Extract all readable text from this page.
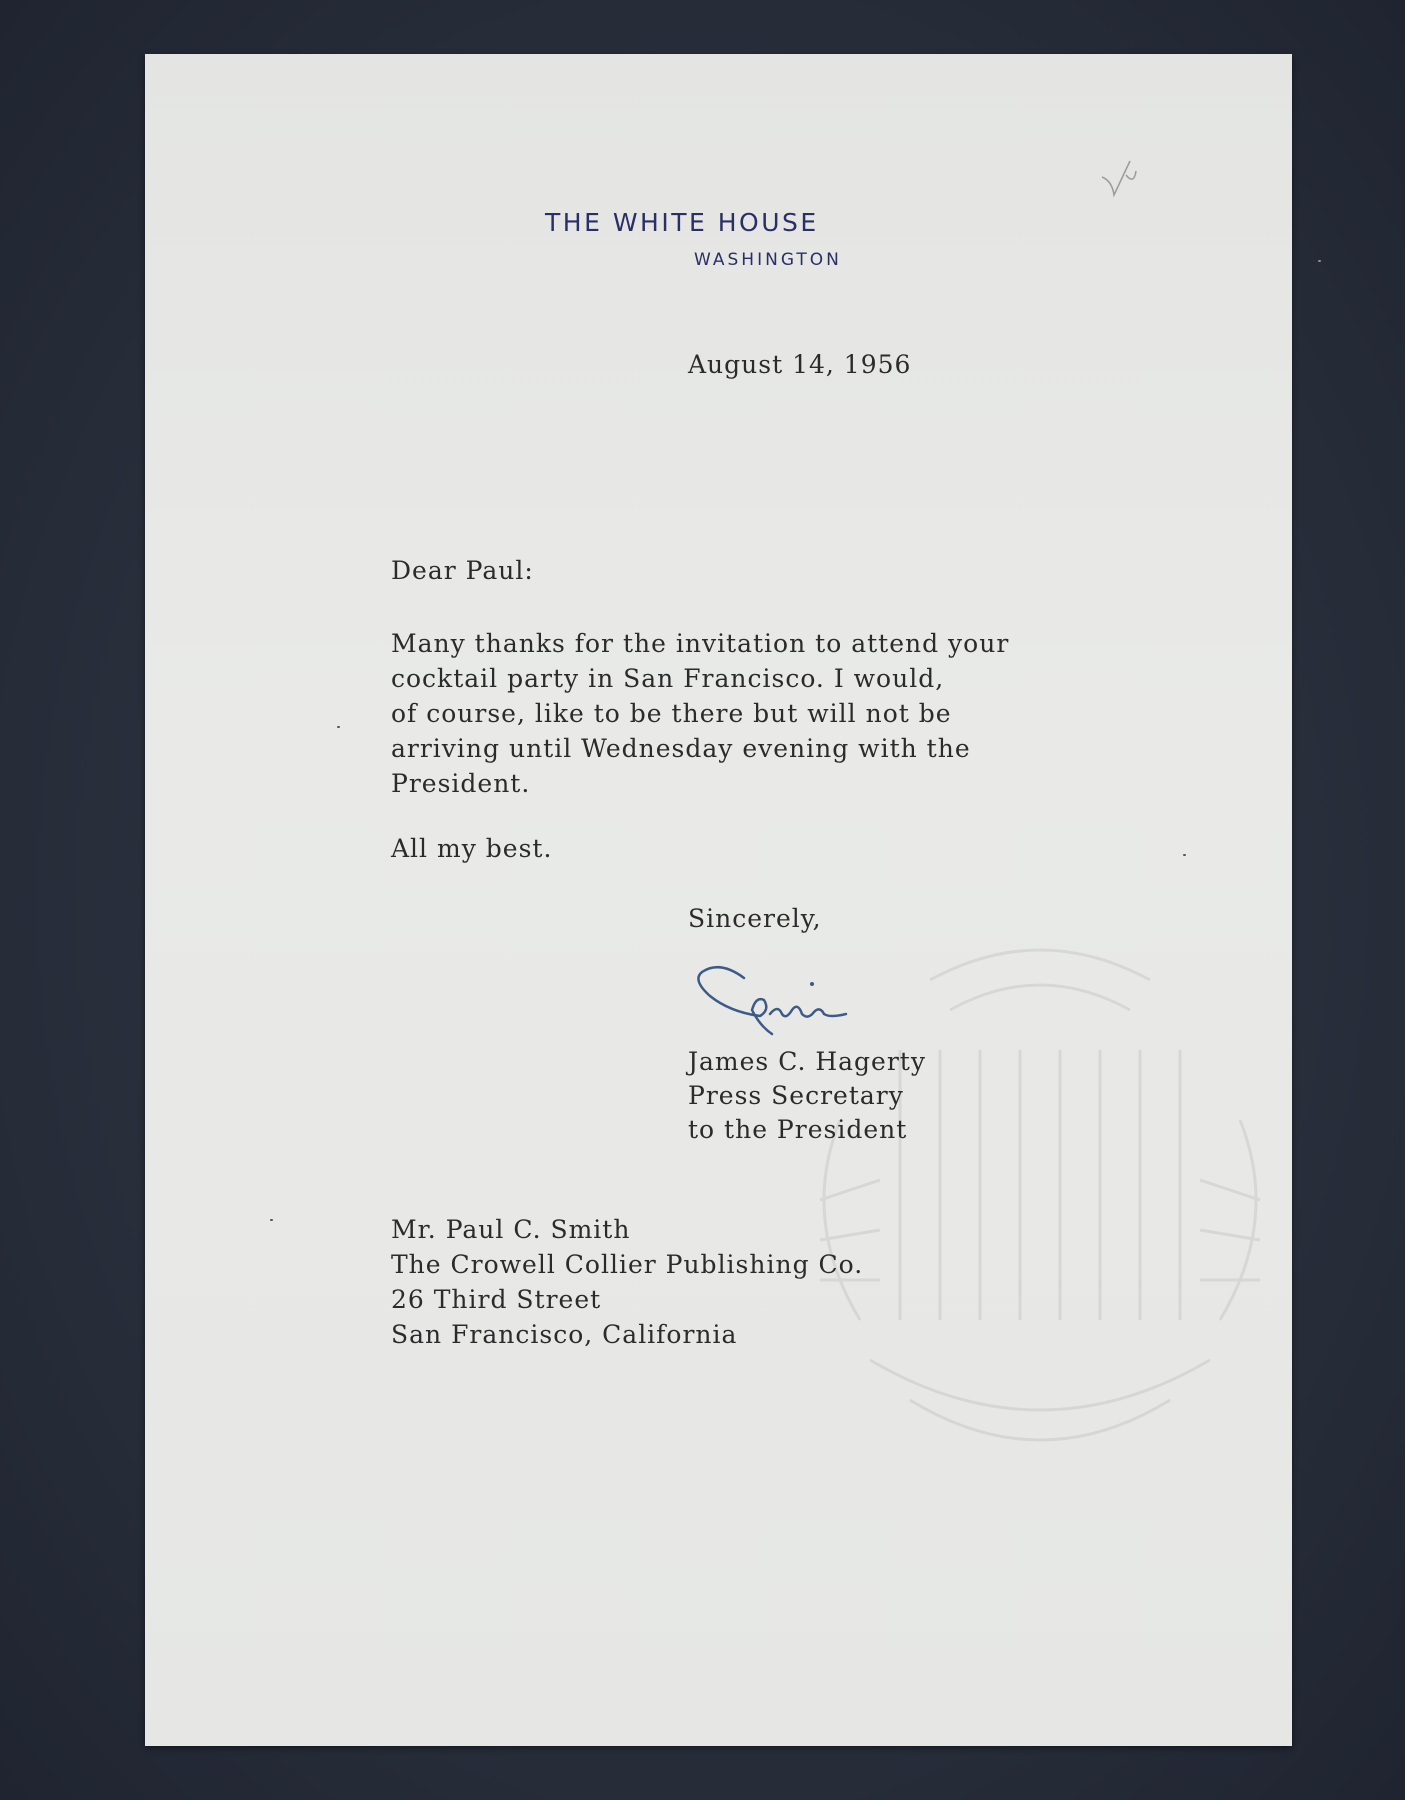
THE WHITE HOUSE
WASHINGTON
August 14, 1956
Dear Paul:
Many thanks for the invitation to attend your
cocktail party in San Francisco. I would,
of course, like to be there but will not be
arriving until Wednesday evening with the
President.
All my best.
Sincerely,
James C. Hagerty
Press Secretary
to the President
Mr. Paul C. Smith
The Crowell Collier Publishing Co.
26 Third Street
San Francisco, California
